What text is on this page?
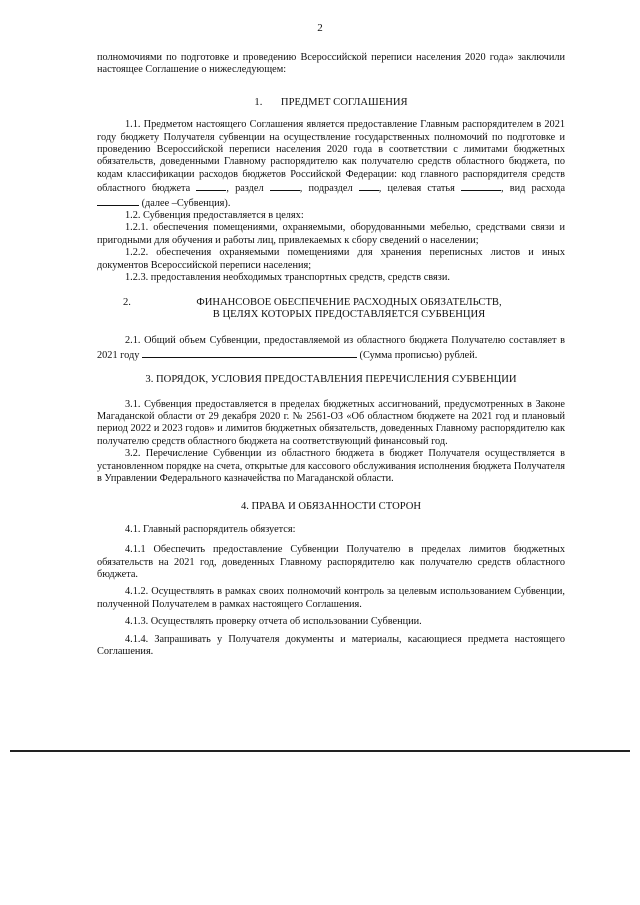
2

полномочиями по подготовке и проведению Всероссийской переписи населения 2020 года» заключили настоящее Соглашение о нижеследующем:

1. ПРЕДМЕТ СОГЛАШЕНИЯ

1.1. Предметом настоящего Соглашения является предоставление Главным распорядителем в 2021 году бюджету Получателя субвенции на осуществление государственных полномочий по подготовке и проведению Всероссийской переписи населения 2020 года в соответствии с лимитами бюджетных обязательств, доведенными Главному распорядителю как получателю средств областного бюджета, по кодам классификации расходов бюджетов Российской Федерации: код главного распорядителя средств областного бюджета	, раздел	, подраздел	, целевая статья	, вид расхода  (далее –Субвенция).

1.2. Субвенция предоставляется в целях:

1.2.1. обеспечения помещениями, охраняемыми, оборудованными мебелью, средствами связи и пригодными для обучения и работы лиц, привлекаемых к сбору сведений о населении;

1.2.2. обеспечения охраняемыми помещениями для хранения переписных листов и иных документов Всероссийской переписи населения;

1.2.3. предоставления необходимых транспортных средств, средств связи.

2.	ФИНАНСОВОЕ ОБЕСПЕЧЕНИЕ РАСХОДНЫХ ОБЯЗАТЕЛЬСТВ,
В ЦЕЛЯХ КОТОРЫХ ПРЕДОСТАВЛЯЕТСЯ СУБВЕНЦИЯ

2.1. Общий объем Субвенции, предоставляемой из областного бюджета Получателю составляет в 2021 году	(Сумма прописью) рублей.

3. ПОРЯДОК, УСЛОВИЯ ПРЕДОСТАВЛЕНИЯ ПЕРЕЧИСЛЕНИЯ СУБВЕНЦИИ

3.1. Субвенция предоставляется в пределах бюджетных ассигнований, предусмотренных в Законе Магаданской области от 29 декабря 2020 г. № 2561-ОЗ «Об областном бюджете на 2021 год и плановый период 2022 и 2023 годов» и лимитов бюджетных обязательств, доведенных Главному распорядителю как получателю средств областного бюджета на соответствующий финансовый год.

3.2. Перечисление Субвенции из областного бюджета в бюджет Получателя осуществляется в установленном порядке на счета, открытые для кассового обслуживания исполнения бюджета Получателя в Управлении Федерального казначейства по Магаданской области.

4. ПРАВА И ОБЯЗАННОСТИ СТОРОН

4.1. Главный распорядитель обязуется:

4.1.1 Обеспечить предоставление Субвенции Получателю в пределах лимитов бюджетных обязательств на 2021 год, доведенных Главному распорядителю как получателю средств областного бюджета.

4.1.2. Осуществлять в рамках своих полномочий контроль за целевым использованием Субвенции, полученной Получателем в рамках настоящего Соглашения.

4.1.3. Осуществлять проверку отчета об использовании Субвенции.

4.1.4. Запрашивать у Получателя документы и материалы, касающиеся предмета настоящего Соглашения.
